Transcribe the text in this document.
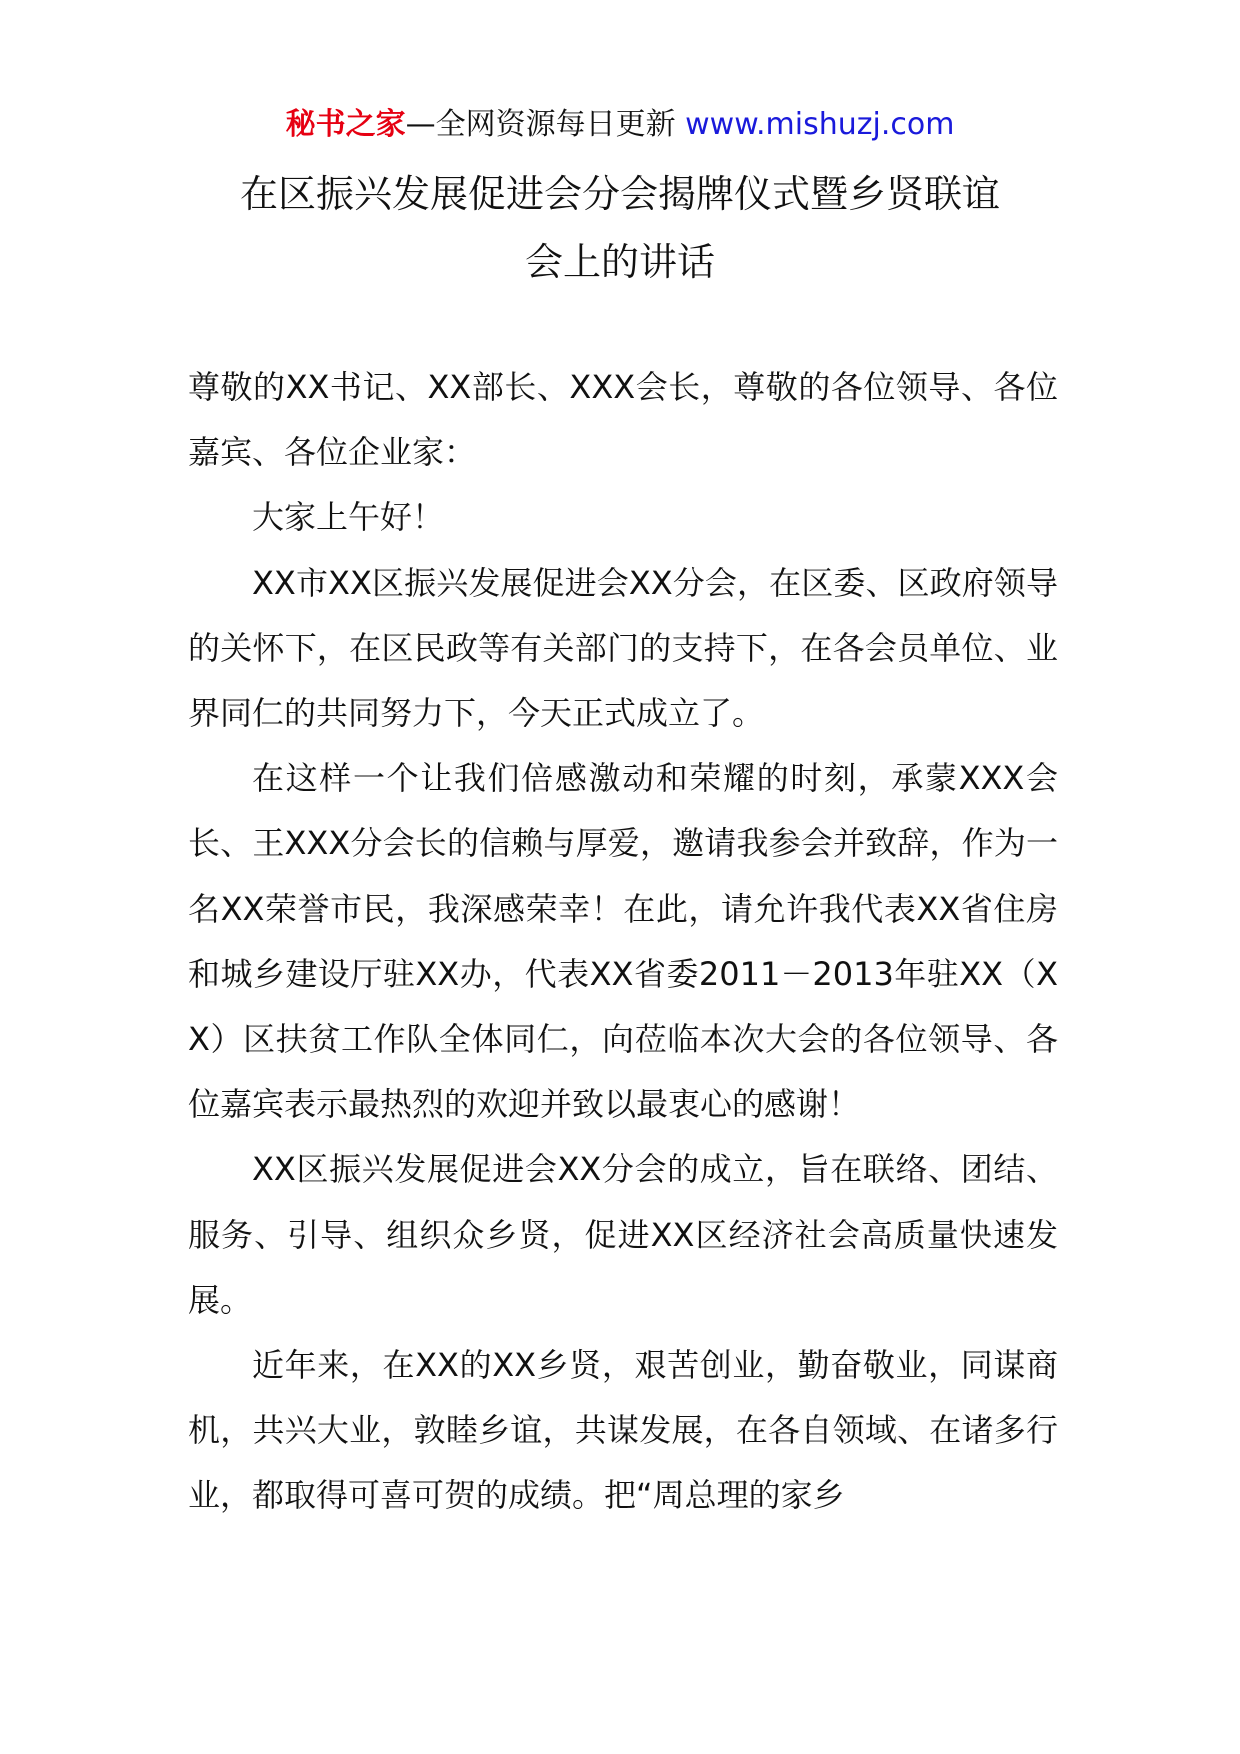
秘书之家—全网资源每日更新 www.mishuzj.com
在区振兴发展促进会分会揭牌仪式暨乡贤联谊
会上的讲话

尊敬的XX书记、XX部长、XXX会长，尊敬的各位领导、各位嘉宾、各位企业家：

大家上午好！

XX市XX区振兴发展促进会XX分会，在区委、区政府领导的关怀下，在区民政等有关部门的支持下，在各会员单位、业界同仁的共同努力下，今天正式成立了。

在这样一个让我们倍感激动和荣耀的时刻，承蒙XXX会长、王XXX分会长的信赖与厚爱，邀请我参会并致辞，作为一名XX荣誉市民，我深感荣幸！在此，请允许我代表XX省住房和城乡建设厅驻XX办，代表XX省委2011－2013年驻XX（XX）区扶贫工作队全体同仁，向莅临本次大会的各位领导、各位嘉宾表示最热烈的欢迎并致以最衷心的感谢！

XX区振兴发展促进会XX分会的成立，旨在联络、团结、服务、引导、组织众乡贤，促进XX区经济社会高质量快速发展。

近年来，在XX的XX乡贤，艰苦创业，勤奋敬业，同谋商机，共兴大业，敦睦乡谊，共谋发展，在各自领域、在诸多行业，都取得可喜可贺的成绩。把“周总理的家乡
